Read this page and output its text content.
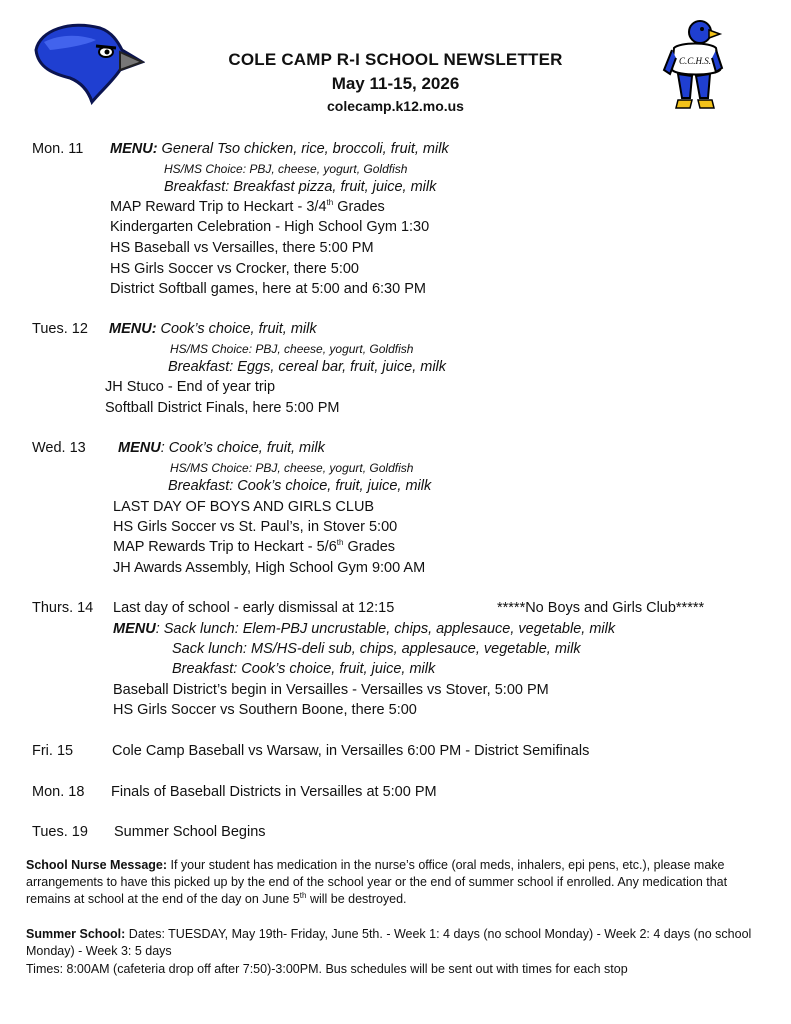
C.C.H.S.
COLE CAMP R-I SCHOOL NEWSLETTER
May 11-15, 2026
colecamp.k12.mo.us
Mon. 11 MENU: General Tso chicken, rice, broccoli, fruit, milk
HS/MS Choice: PBJ, cheese, yogurt, Goldfish
Breakfast: Breakfast pizza, fruit, juice, milk
MAP Reward Trip to Heckart - 3/4th Grades
Kindergarten Celebration - High School Gym 1:30
HS Baseball vs Versailles, there 5:00 PM
HS Girls Soccer vs Crocker, there 5:00
District Softball games, here at 5:00 and 6:30 PM
Tues. 12 MENU: Cook’s choice, fruit, milk
HS/MS Choice: PBJ, cheese, yogurt, Goldfish
Breakfast: Eggs, cereal bar, fruit, juice, milk
JH Stuco - End of year trip
Softball District Finals, here 5:00 PM
Wed. 13 MENU: Cook’s choice, fruit, milk
HS/MS Choice: PBJ, cheese, yogurt, Goldfish
Breakfast: Cook’s choice, fruit, juice, milk
LAST DAY OF BOYS AND GIRLS CLUB
HS Girls Soccer vs St. Paul’s, in Stover 5:00
MAP Rewards Trip to Heckart - 5/6th Grades
JH Awards Assembly, High School Gym 9:00 AM
Thurs. 14 Last day of school - early dismissal at 12:15	*****No Boys and Girls Club*****
MENU: Sack lunch: Elem-PBJ uncrustable, chips, applesauce, vegetable, milk
Sack lunch: MS/HS-deli sub, chips, applesauce, vegetable, milk
Breakfast: Cook’s choice, fruit, juice, milk
Baseball District’s begin in Versailles - Versailles vs Stover, 5:00 PM
HS Girls Soccer vs Southern Boone, there 5:00
Fri. 15	Cole Camp Baseball vs Warsaw, in Versailles 6:00 PM - District Semifinals
Mon. 18 Finals of Baseball Districts in Versailles at 5:00 PM
Tues. 19 Summer School Begins
School Nurse Message: If your student has medication in the nurse’s office (oral meds, inhalers, epi pens, etc.), please make arrangements to have this picked up by the end of the school year or the end of summer school if enrolled. Any medication that remains at school at the end of the day on June 5th will be destroyed.
Summer School: Dates: TUESDAY, May 19th- Friday, June 5th. - Week 1: 4 days (no school Monday) - Week 2: 4 days (no school Monday) - Week 3: 5 days
Times: 8:00AM (cafeteria drop off after 7:50)-3:00PM. Bus schedules will be sent out with times for each stop
